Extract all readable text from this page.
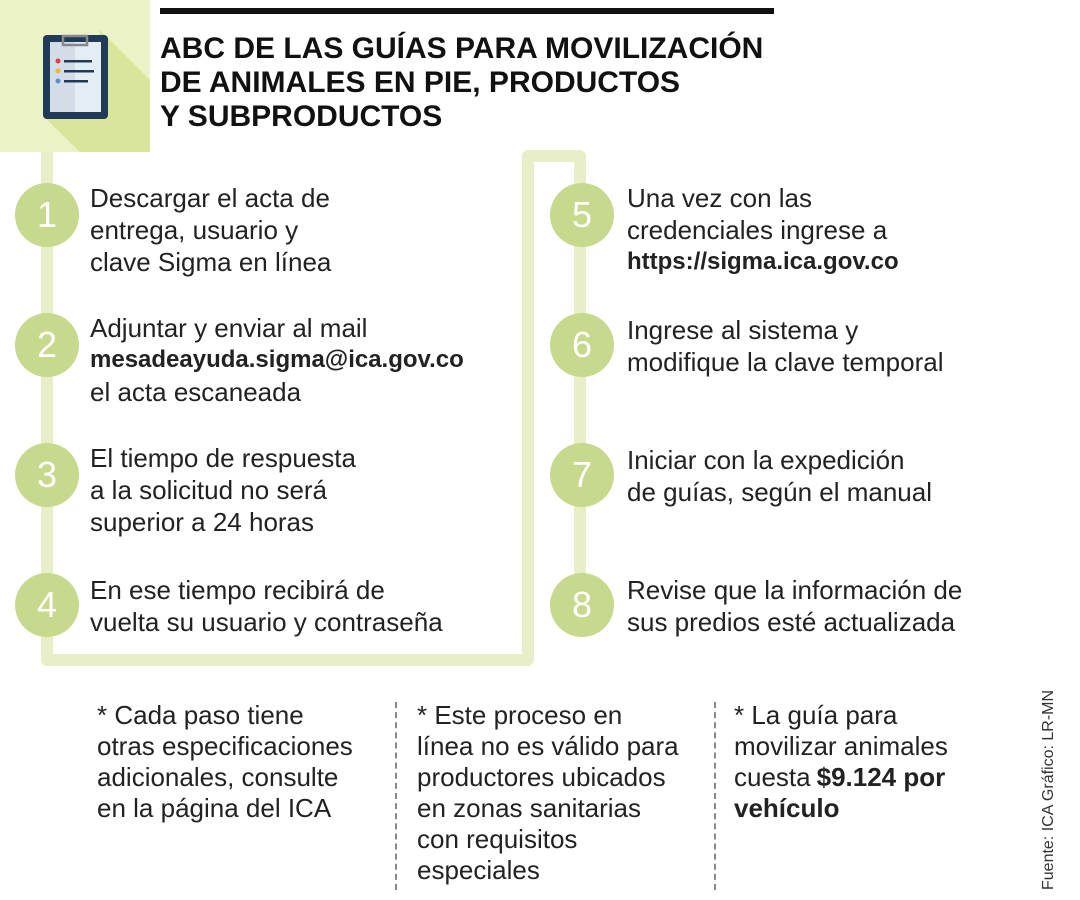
ABC DE LAS GUÍAS PARA MOVILIZACIÓN
DE ANIMALES EN PIE, PRODUCTOS
Y SUBPRODUCTOS
1	Descargar el acta de
entrega, usuario y
clave Sigma en línea
2	Adjuntar y enviar al mail
mesadeayuda.sigma@ica.gov.co
el acta escaneada
3	El tiempo de respuesta
a la solicitud no será
superior a 24 horas
4	En ese tiempo recibirá de
vuelta su usuario y contraseña
5	Una vez con las
credenciales ingrese a
https://sigma.ica.gov.co
6	Ingrese al sistema y
modifique la clave temporal
7	Iniciar con la expedición
de guías, según el manual
8	Revise que la información de
sus predios esté actualizada
* Cada paso tiene
otras especificaciones
adicionales, consulte
en la página del ICA
* Este proceso en
línea no es válido para
productores ubicados
en zonas sanitarias
con requisitos
especiales
* La guía para
movilizar animales
cuesta $9.124 por
vehículo	Fuente: ICA Gráfico: LR-MN
